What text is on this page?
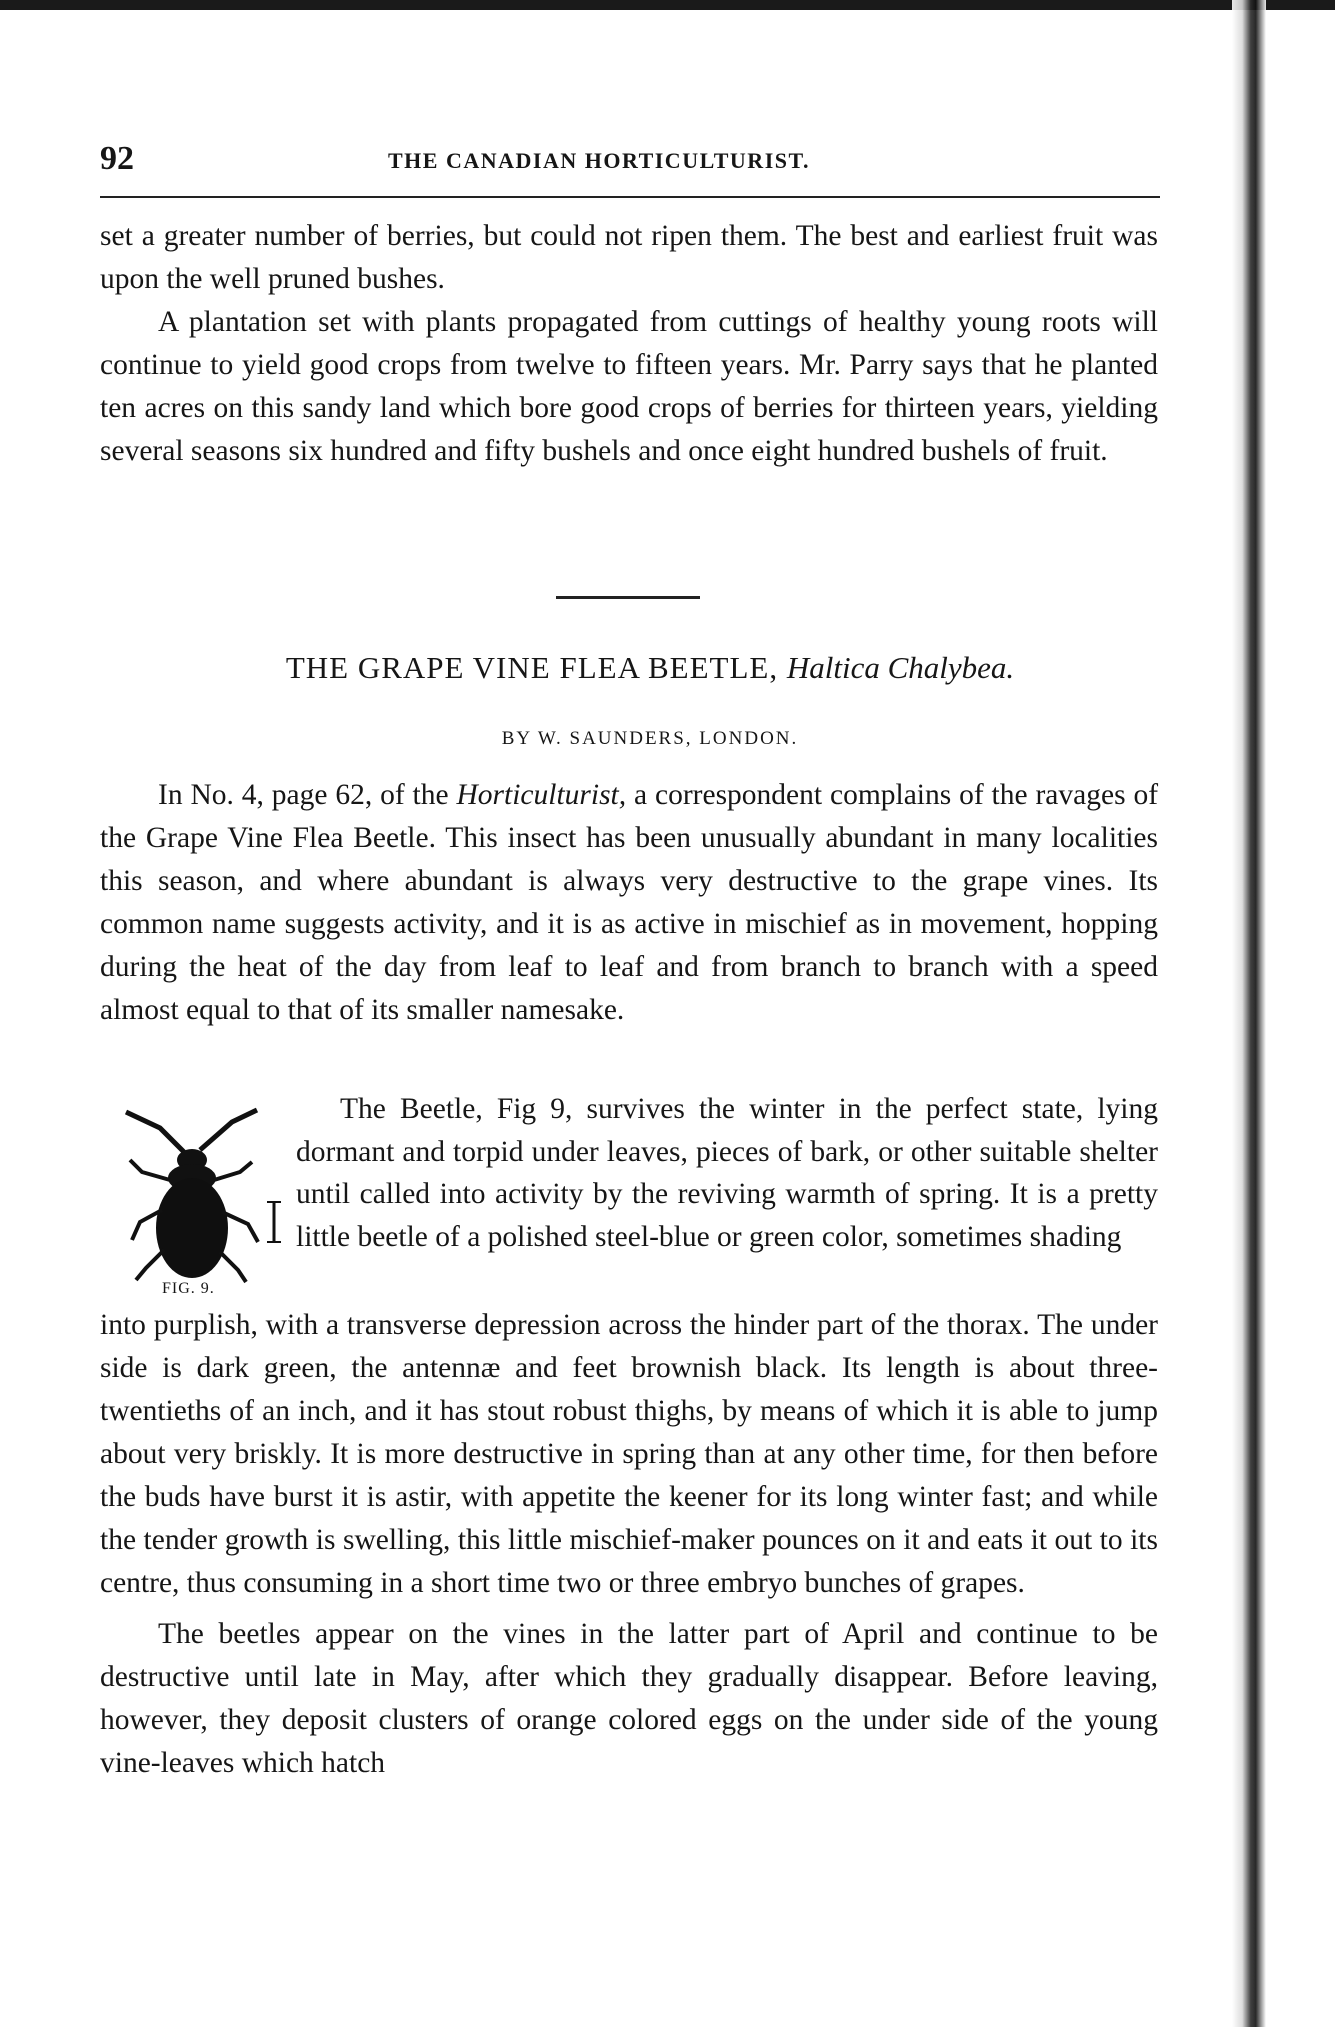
92	THE CANADIAN HORTICULTURIST.

set a greater number of berries, but could not ripen them. The best and earliest fruit was upon the well pruned bushes.

A plantation set with plants propagated from cuttings of healthy young roots will continue to yield good crops from twelve to fifteen years. Mr. Parry says that he planted ten acres on this sandy land which bore good crops of berries for thirteen years, yielding several seasons six hundred and fifty bushels and once eight hundred bushels of fruit.

THE GRAPE VINE FLEA BEETLE, Haltica Chalybea.
BY W. SAUNDERS, LONDON.

In No. 4, page 62, of the Horticulturist, a correspondent complains of the ravages of the Grape Vine Flea Beetle. This insect has been unusually abundant in many localities this season, and where abundant is always very destructive to the grape vines. Its common name suggests activity, and it is as active in mischief as in movement, hopping during the heat of the day from leaf to leaf and from branch to branch with a speed almost equal to that of its smaller namesake.

FIG. 9.

The Beetle, Fig 9, survives the winter in the perfect state, lying dormant and torpid under leaves, pieces of bark, or other suitable shelter until called into activity by the reviving warmth of spring. It is a pretty little beetle of a polished steel-blue or green color, sometimes shading

into purplish, with a transverse depression across the hinder part of the thorax. The under side is dark green, the antennæ and feet brownish black. Its length is about three-twentieths of an inch, and it has stout robust thighs, by means of which it is able to jump about very briskly. It is more destructive in spring than at any other time, for then before the buds have burst it is astir, with appetite the keener for its long winter fast; and while the tender growth is swelling, this little mischief-maker pounces on it and eats it out to its centre, thus consuming in a short time two or three embryo bunches of grapes.

The beetles appear on the vines in the latter part of April and continue to be destructive until late in May, after which they gradually disappear. Before leaving, however, they deposit clusters of orange colored eggs on the under side of the young vine-leaves which hatch
